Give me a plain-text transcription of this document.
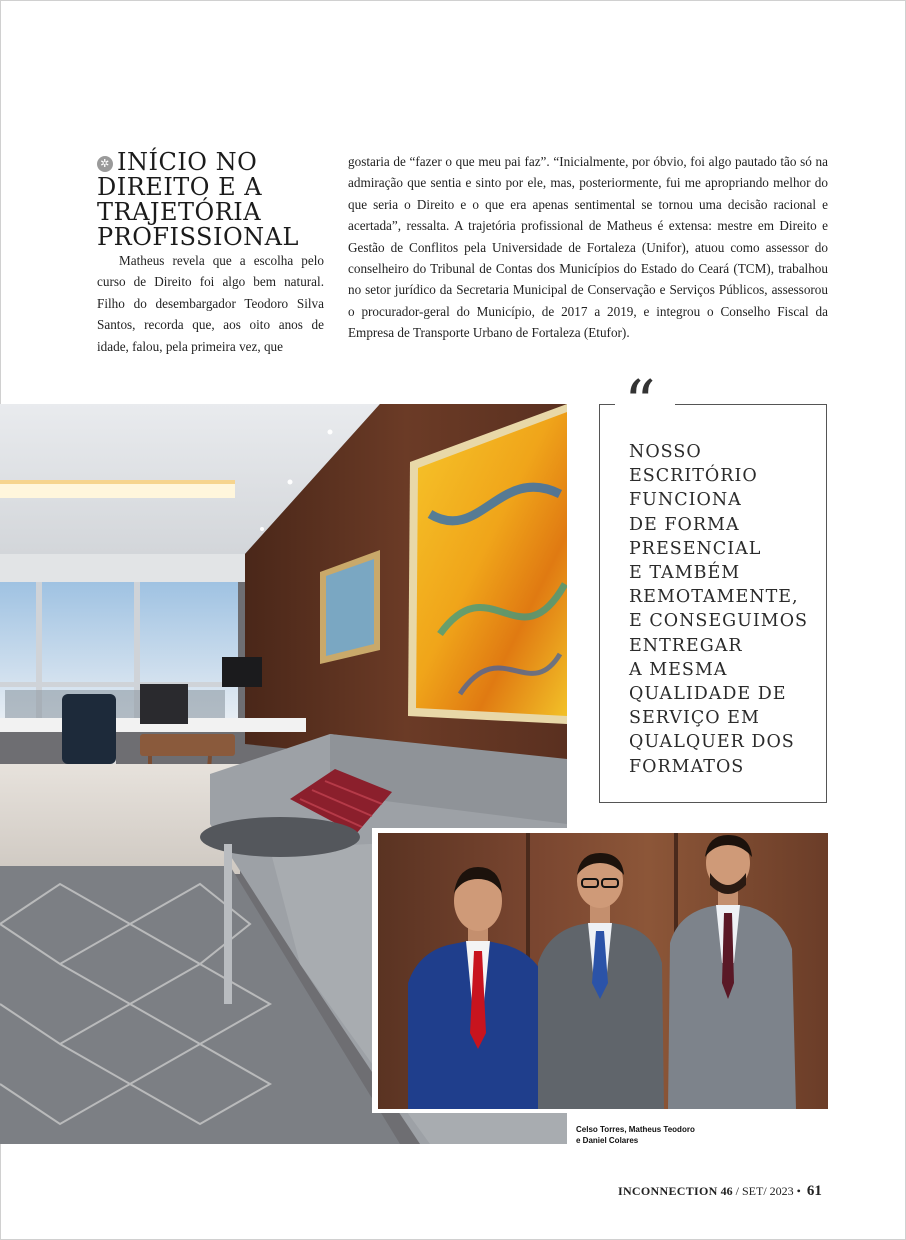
✲ INÍCIO NO
DIREITO E A
TRAJETÓRIA
PROFISSIONAL

Matheus revela que a escolha pelo curso de Direito foi algo bem natural. Filho do desembargador Teodoro Silva Santos, recorda que, aos oito anos de idade, falou, pela primeira vez, que

gostaria de “fazer o que meu pai faz”. “Inicialmente, por óbvio, foi algo pautado tão só na admiração que sentia e sinto por ele, mas, posteriormente, fui me apropriando melhor do que seria o Direito e o que era apenas sentimental se tornou uma decisão racional e acertada”, ressalta. A trajetória profissional de Matheus é extensa: mestre em Direito e Gestão de Conflitos pela Universidade de Fortaleza (Unifor), atuou como assessor do conselheiro do Tribunal de Contas dos Municípios do Estado do Ceará (TCM), trabalhou no setor jurídico da Secretaria Municipal de Conservação e Serviços Públicos, assessorou o procurador-geral do Município, de 2017 a 2019, e integrou o Conselho Fiscal da Empresa de Transporte Urbano de Fortaleza (Etufor).

“
NOSSO
ESCRITÓRIO
FUNCIONA
DE FORMA
PRESENCIAL
E TAMBÉM
REMOTAMENTE,
E CONSEGUIMOS
ENTREGAR
A MESMA
QUALIDADE DE
SERVIÇO EM
QUALQUER DOS
FORMATOS
Celso Torres, Matheus Teodoro
e Daniel Colares
INCONNECTION 46 / SET/ 2023 • 61
